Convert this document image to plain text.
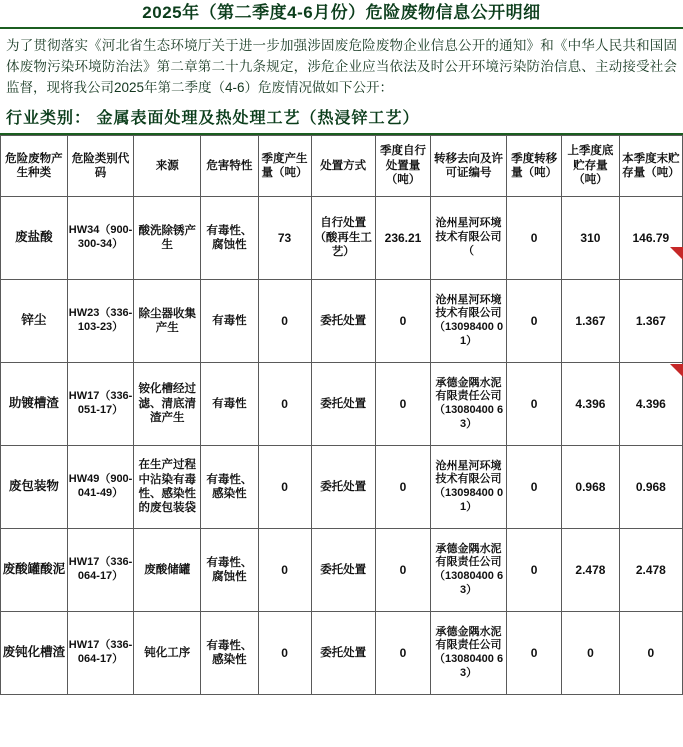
2025年（第二季度4-6月份）危险废物信息公开明细
为了贯彻落实《河北省生态环境厅关于进一步加强涉固废危险废物企业信息公开的通知》和《中华人民共和国固体废物污染环境防治法》第二章第二十九条规定，涉危企业应当依法及时公开环境污染防治信息、主动接受社会监督，现将我公司2025年第二季度（4-6）危废情况做如下公开：
行业类别： 金属表面处理及热处理工艺（热浸锌工艺）
危险废物产生种类	危险类别代码	来源	危害特性	季度产生量（吨）	处置方式	季度自行处置量（吨）	转移去向及许可证编号	季度转移量（吨）	上季度底贮存量（吨）	本季度末贮存量（吨）
废盐酸	HW34（900-300-34）	酸洗除锈产生	有毒性、腐蚀性	73	自行处置（酸再生工艺）	236.21	沧州星河环境技术有限公司（	0	310	146.79
锌尘	HW23（336-103-23）	除尘器收集产生	有毒性	0	委托处置	0	沧州星河环境技术有限公司（13098400 01）	0	1.367	1.367
助镀槽渣	HW17（336-051-17）	铵化槽经过滤、清底清渣产生	有毒性	0	委托处置	0	承德金隅水泥有限责任公司（13080400 63）	0	4.396	4.396
废包装物	HW49（900-041-49）	在生产过程中沾染有毒性、感染性的废包装袋	有毒性、感染性	0	委托处置	0	沧州星河环境技术有限公司（13098400 01）	0	0.968	0.968
废酸罐酸泥	HW17（336-064-17）	废酸储罐	有毒性、腐蚀性	0	委托处置	0	承德金隅水泥有限责任公司（13080400 63）	0	2.478	2.478
废钝化槽渣	HW17（336-064-17）	钝化工序	有毒性、感染性	0	委托处置	0	承德金隅水泥有限责任公司（13080400 63）	0	0	0
